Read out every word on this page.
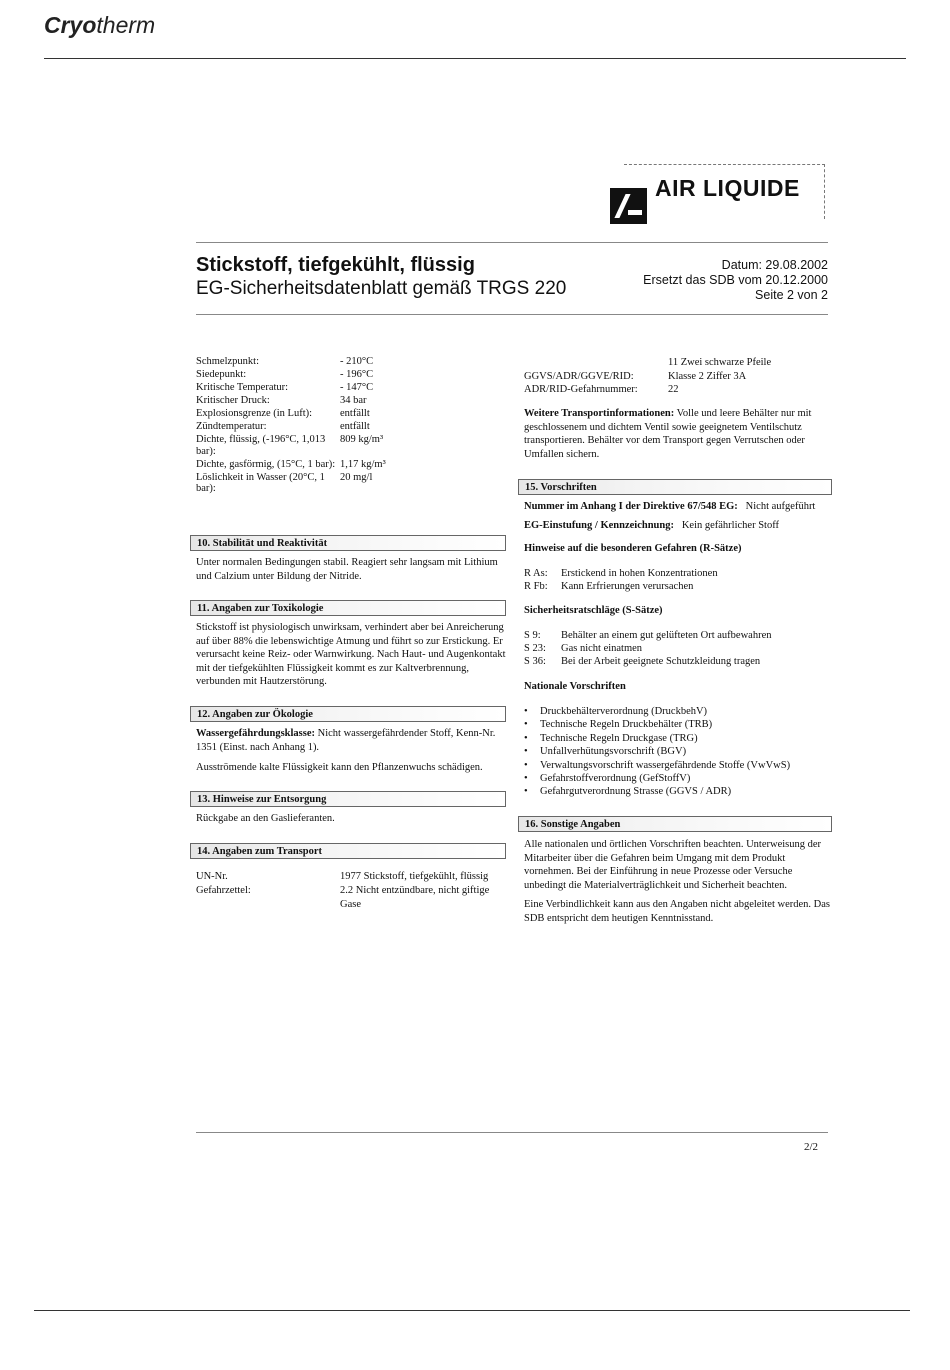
Cryotherm
AIR LIQUIDE
Stickstoff, tiefgekühlt, flüssig
EG-Sicherheitsdatenblatt gemäß TRGS 220
Datum: 29.08.2002
Ersetzt das SDB vom 20.12.2000
Seite 2 von 2
Schmelzpunkt:	- 210°C
Siedepunkt:	- 196°C
Kritische Temperatur:	- 147°C
Kritischer Druck:	34 bar
Explosionsgrenze (in Luft):	entfällt
Zündtemperatur:	entfällt
Dichte, flüssig, (-196°C, 1,013 bar):	809 kg/m³
Dichte, gasförmig, (15°C, 1 bar):	1,17 kg/m³
Löslichkeit in Wasser (20°C, 1 bar):	20 mg/l
10. Stabilität und Reaktivität
Unter normalen Bedingungen stabil. Reagiert sehr langsam mit Lithium und Calzium unter Bildung der Nitride.
11. Angaben zur Toxikologie
Stickstoff ist physiologisch unwirksam, verhindert aber bei Anreicherung auf über 88% die lebenswichtige Atmung und führt so zur Erstickung. Er verursacht keine Reiz- oder Warnwirkung. Nach Haut- und Augenkontakt mit der tiefgekühlten Flüssigkeit kommt es zur Kaltverbrennung, verbunden mit Hautzerstörung.
12. Angaben zur Ökologie
Wassergefährdungsklasse: Nicht wassergefährdender Stoff, Kenn-Nr. 1351 (Einst. nach Anhang 1).
Ausströmende kalte Flüssigkeit kann den Pflanzenwuchs schädigen.
13. Hinweise zur Entsorgung
Rückgabe an den Gaslieferanten.
14. Angaben zum Transport
UN-Nr.	1977 Stickstoff, tiefgekühlt, flüssig
Gefahrzettel:	2.2 Nicht entzündbare, nicht giftige Gase
11 Zwei schwarze Pfeile
GGVS/ADR/GGVE/RID:	Klasse 2 Ziffer 3A
ADR/RID-Gefahrnummer:	22
Weitere Transportinformationen: Volle und leere Behälter nur mit geschlossenem und dichtem Ventil sowie geeignetem Ventilschutz transportieren. Behälter vor dem Transport gegen Verrutschen oder Umfallen sichern.
15. Vorschriften
Nummer im Anhang I der Direktive 67/548 EG: Nicht aufgeführt
EG-Einstufung / Kennzeichnung: Kein gefährlicher Stoff
Hinweise auf die besonderen Gefahren (R-Sätze)
R As: Erstickend in hohen Konzentrationen
R Fb: Kann Erfrierungen verursachen
Sicherheitsratschläge (S-Sätze)
S 9: Behälter an einem gut gelüfteten Ort aufbewahren
S 23: Gas nicht einatmen
S 36: Bei der Arbeit geeignete Schutzkleidung tragen
Nationale Vorschriften
• Druckbehälterverordnung (DruckbehV)
• Technische Regeln Druckbehälter (TRB)
• Technische Regeln Druckgase (TRG)
• Unfallverhütungsvorschrift (BGV)
• Verwaltungsvorschrift wassergefährdende Stoffe (VwVwS)
• Gefahrstoffverordnung (GefStoffV)
• Gefahrgutverordnung Strasse (GGVS / ADR)
16. Sonstige Angaben
Alle nationalen und örtlichen Vorschriften beachten. Unterweisung der Mitarbeiter über die Gefahren beim Umgang mit dem Produkt vornehmen. Bei der Einführung in neue Prozesse oder Versuche unbedingt die Materialverträglichkeit und Sicherheit beachten.
Eine Verbindlichkeit kann aus den Angaben nicht abgeleitet werden. Das SDB entspricht dem heutigen Kenntnisstand.
2/2
